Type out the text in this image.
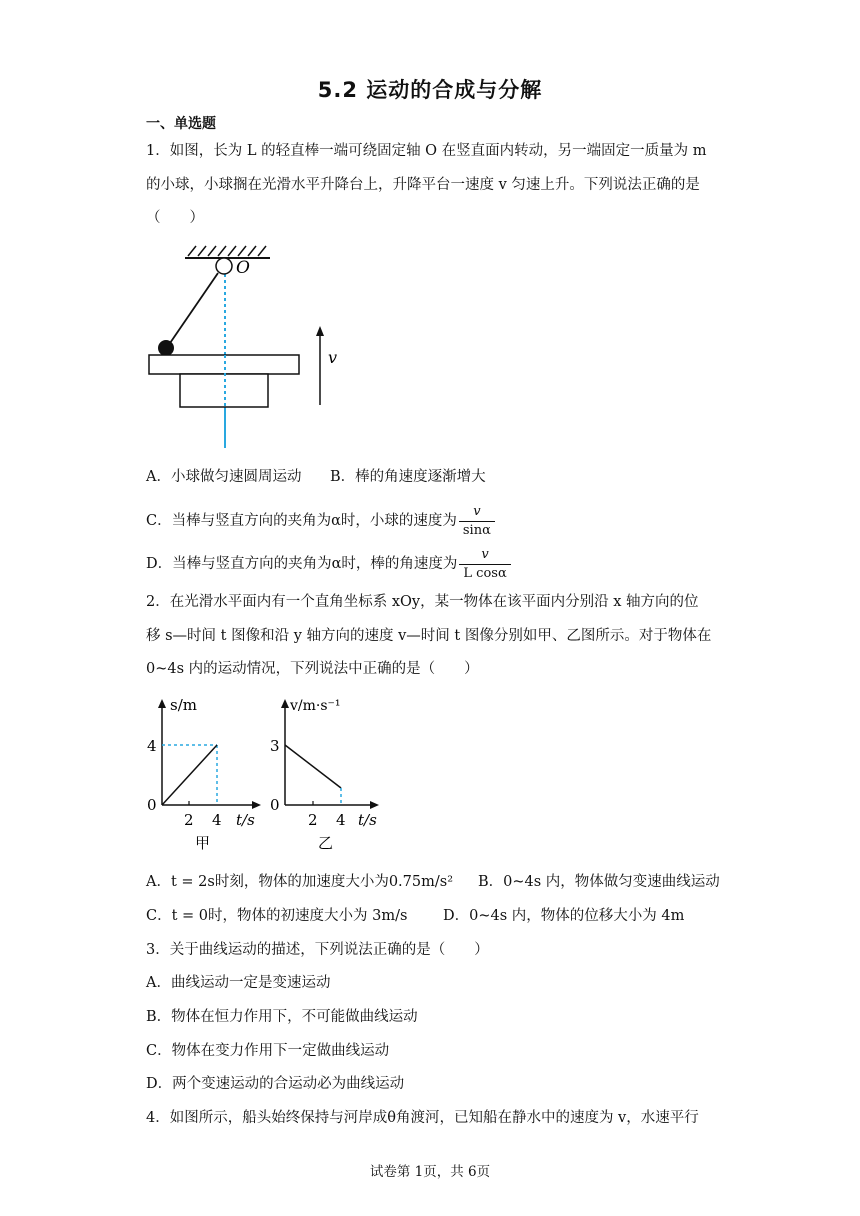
5.2 运动的合成与分解
一、单选题
1．如图，长为 L 的轻直棒一端可绕固定轴 O 在竖直面内转动，另一端固定一质量为 m
的小球，小球搁在光滑水平升降台上，升降平台一速度 v 匀速上升。下列说法正确的是
（　　）
O
v
A．小球做匀速圆周运动 B．棒的角速度逐渐增大
C．当棒与竖直方向的夹角为α时，小球的速度为 $\frac{v}{\sin\alpha}$
D．当棒与竖直方向的夹角为α时，棒的角速度为 $\frac{v}{\text{L cosα}}$
2．在光滑水平面内有一个直角坐标系 xOy，某一物体在该平面内分别沿 x 轴方向的位
移 s—时间 t 图像和沿 y 轴方向的速度 v—时间 t 图像分别如甲、乙图所示。对于物体在
0~4s 内的运动情况，下列说法中正确的是（　　）
s/m
4
0
2 4 t/s
甲
v/m·s⁻¹
3
0
2 4 t/s
乙
A．t = 2s时刻，物体的加速度大小为0.75m/s² B．0~4s 内，物体做匀变速曲线运动
C．t = 0时，物体的初速度大小为 3m/s D．0~4s 内，物体的位移大小为 4m
3．关于曲线运动的描述，下列说法正确的是（　　）
A．曲线运动一定是变速运动
B．物体在恒力作用下，不可能做曲线运动
C．物体在变力作用下一定做曲线运动
D．两个变速运动的合运动必为曲线运动
4．如图所示，船头始终保持与河岸成θ角渡河，已知船在静水中的速度为 v，水速平行
试卷第 1页，共 6页
